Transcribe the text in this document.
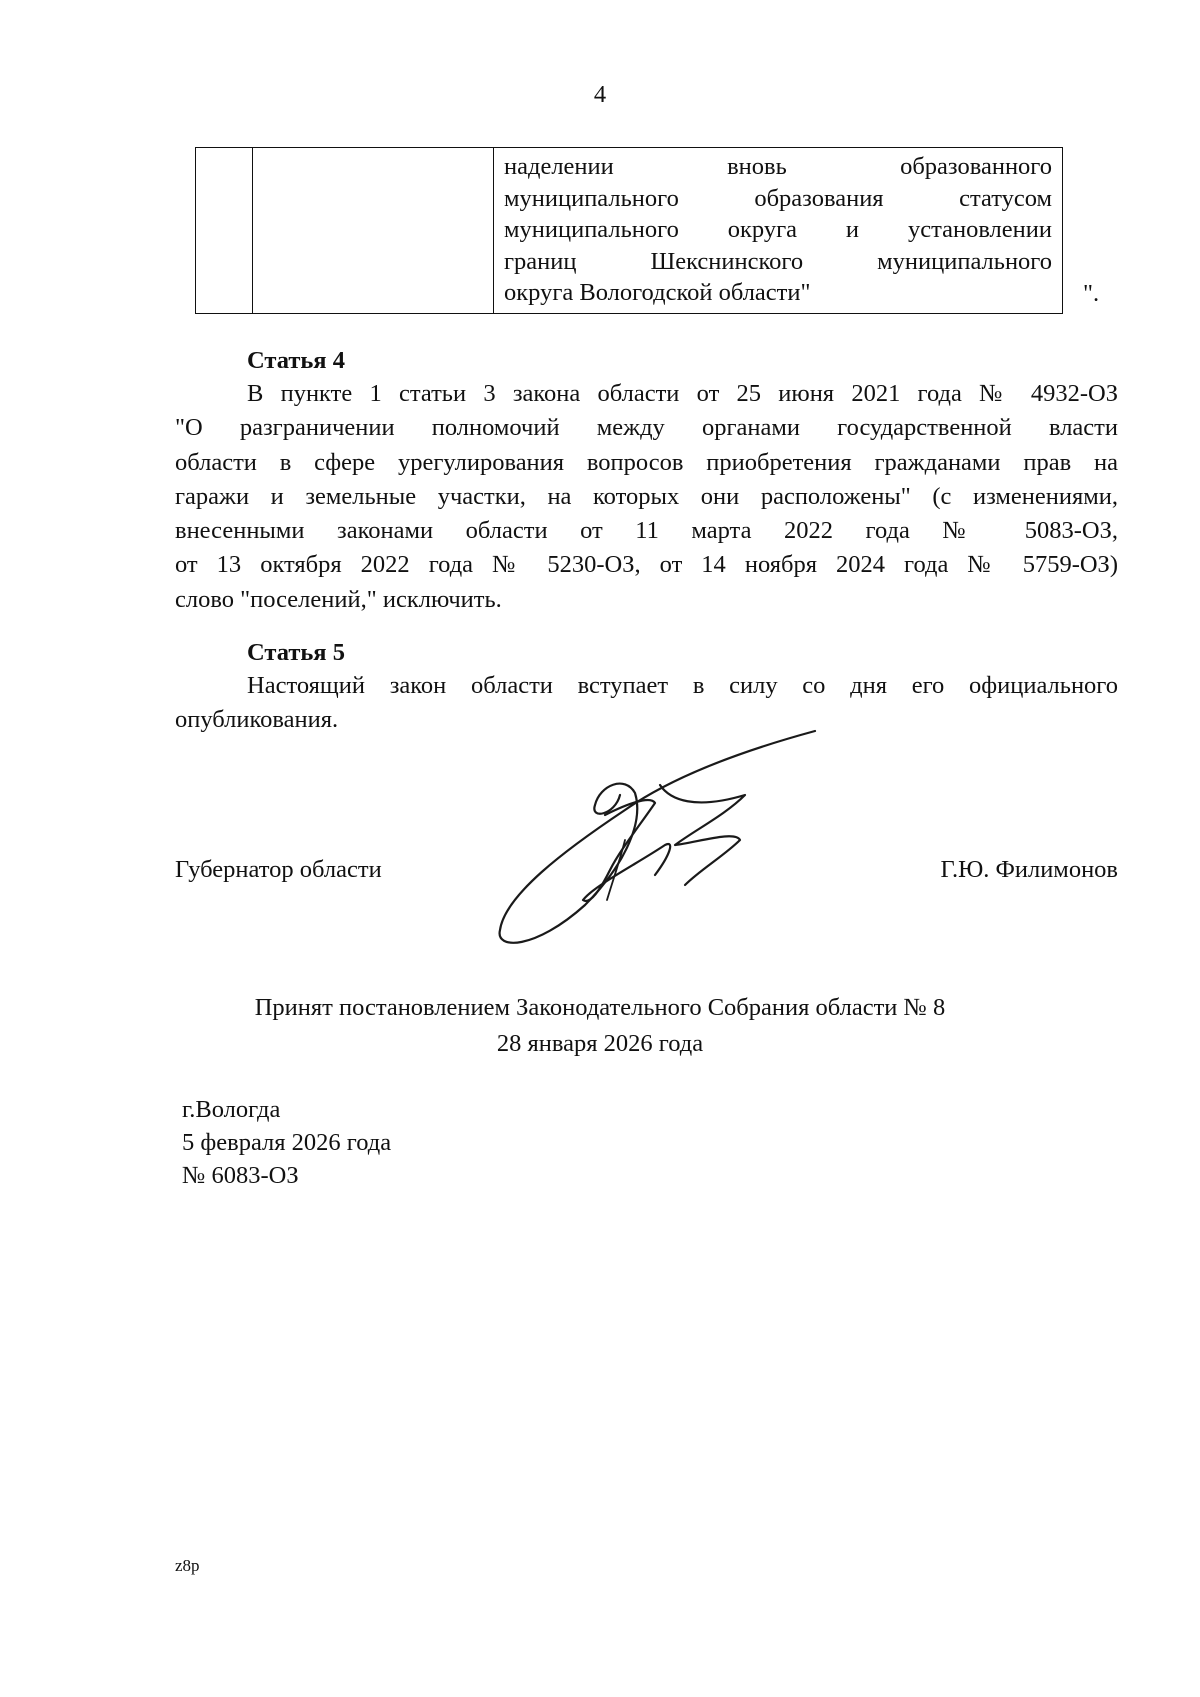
4

наделении вновь образованного
муниципального образования статусом
муниципального округа и установлении
границ Шекснинского муниципального
округа Вологодской области"	".
Статья 4
В пункте 1 статьи 3 закона области от 25 июня 2021 года № 4932-ОЗ
"О разграничении полномочий между органами государственной власти
области в сфере урегулирования вопросов приобретения гражданами прав на
гаражи и земельные участки, на которых они расположены" (с изменениями,
внесенными законами области от 11 марта 2022 года № 5083-ОЗ,
от 13 октября 2022 года № 5230-ОЗ, от 14 ноября 2024 года № 5759-ОЗ)
слово "поселений," исключить.
Статья 5
Настоящий закон области вступает в силу со дня его официального
опубликования.
Губернатор области	Г.Ю. Филимонов
Принят постановлением Законодательного Собрания области № 8
28 января 2026 года
г.Вологда
5 февраля 2026 года
№ 6083-ОЗ
z8p
